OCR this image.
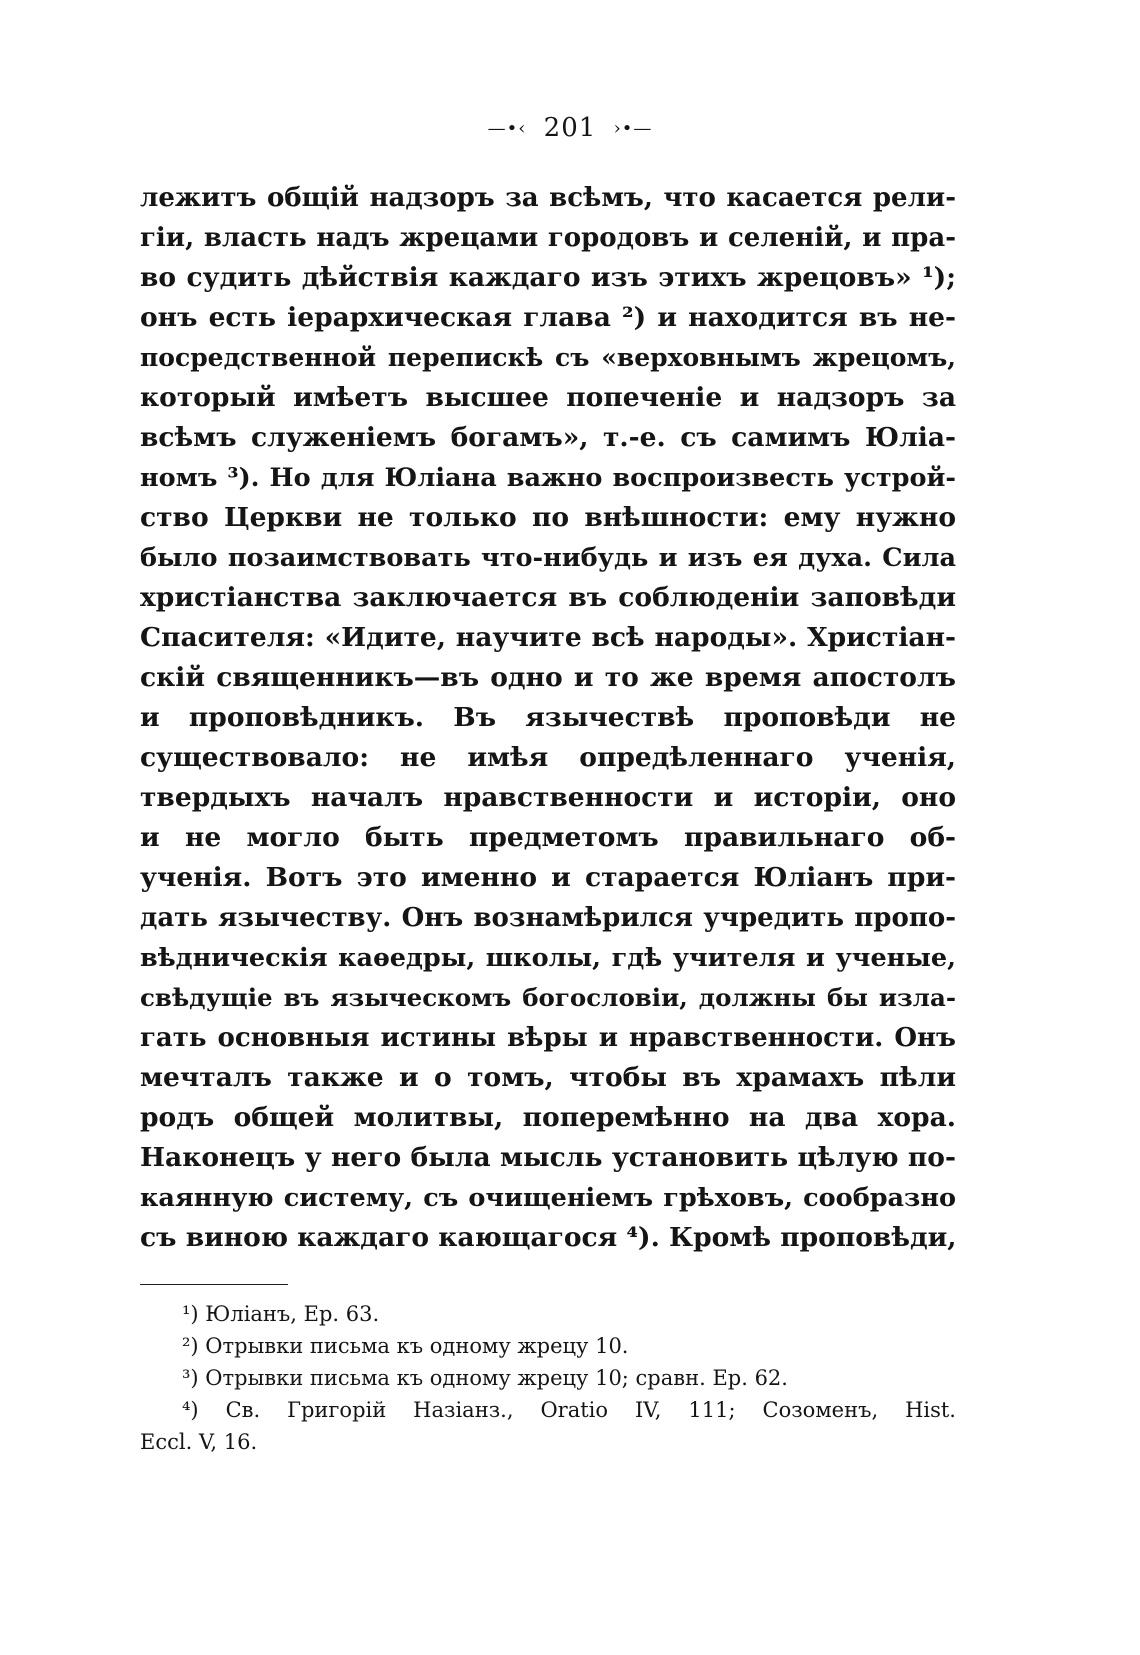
—•‹ 201 ›•—
лежитъ общій надзоръ за всѣмъ, что касается рели-
гіи, власть надъ жрецами городовъ и селеній, и пра-
во судить дѣйствія каждаго изъ этихъ жрецовъ» ¹);
онъ есть іерархическая глава ²) и находится въ не-
посредственной перепискѣ съ «верховнымъ жрецомъ,
который имѣетъ высшее попеченіе и надзоръ за
всѣмъ служеніемъ богамъ», т.-е. съ самимъ Юліа-
номъ ³). Но для Юліана важно воспроизвесть устрой-
ство Церкви не только по внѣшности: ему нужно
было позаимствовать что-нибудь и изъ ея духа. Сила
христіанства заключается въ соблюденіи заповѣди
Спасителя: «Идите, научите всѣ народы». Христіан-
скій священникъ—въ одно и то же время апостолъ
и проповѣдникъ. Въ язычествѣ проповѣди не
существовало: не имѣя опредѣленнаго ученія,
твердыхъ началъ нравственности и исторіи, оно
и не могло быть предметомъ правильнаго об-
ученія. Вотъ это именно и старается Юліанъ при-
дать язычеству. Онъ вознамѣрился учредить пропо-
вѣдническія каѳедры, школы, гдѣ учителя и ученые,
свѣдущіе въ языческомъ богословіи, должны бы изла-
гать основныя истины вѣры и нравственности. Онъ
мечталъ также и о томъ, чтобы въ храмахъ пѣли
родъ общей молитвы, поперемѣнно на два хора.
Наконецъ у него была мысль установить цѣлую по-
каянную систему, съ очищеніемъ грѣховъ, сообразно
съ виною каждаго кающагося ⁴). Кромѣ проповѣди,
¹) Юліанъ, Ep. 63.
²) Отрывки письма къ одному жрецу 10.
³) Отрывки письма къ одному жрецу 10; сравн. Ep. 62.
⁴) Св. Григорій Назіанз., Oratio IV, 111; Созоменъ, Hist.
Eccl. V, 16.
